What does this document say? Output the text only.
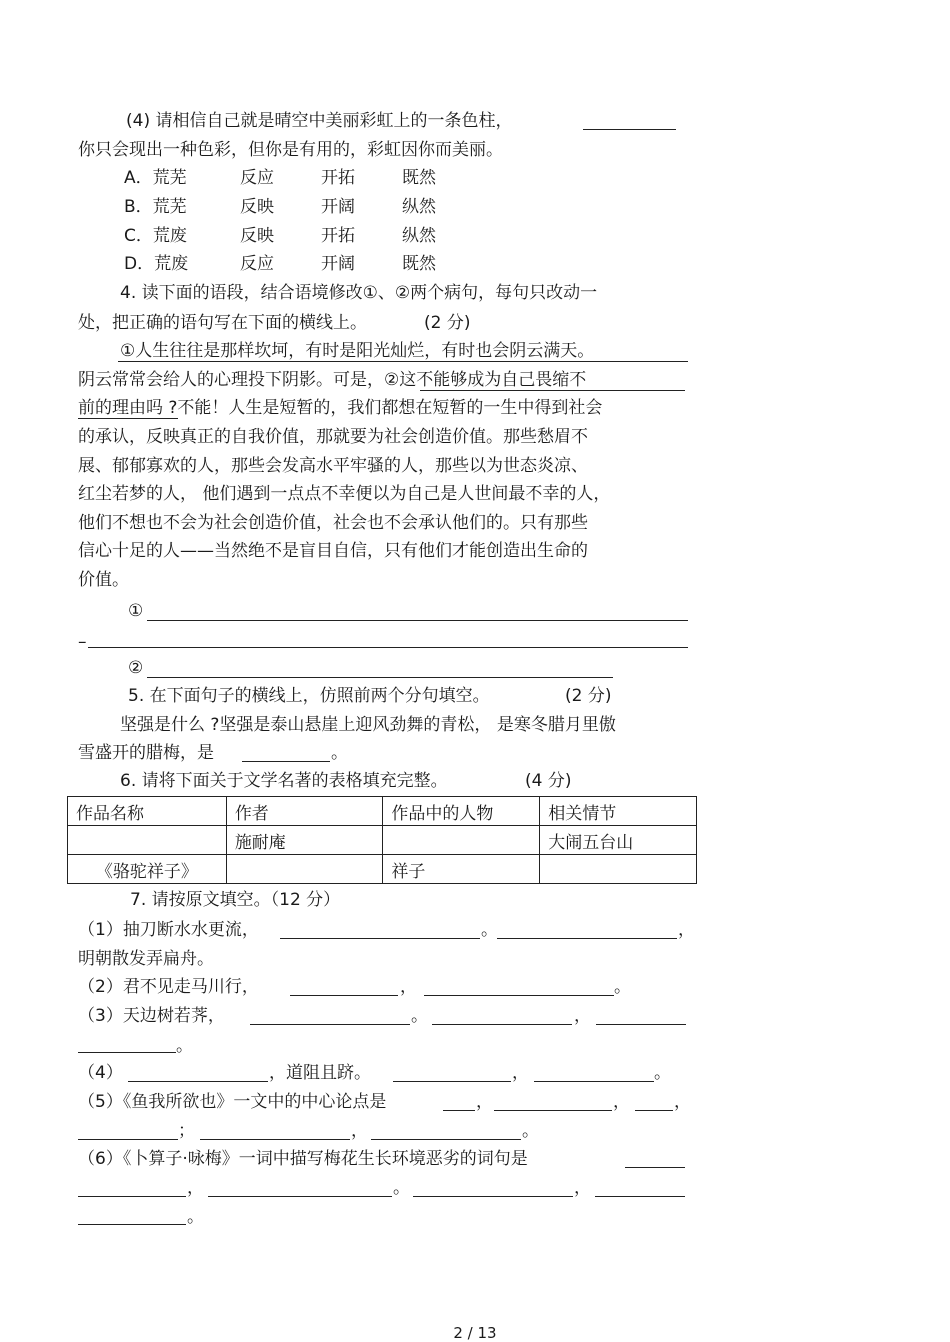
(4) 请相信自己就是晴空中美丽彩虹上的一条色柱，
你只会现出一种色彩，但你是有用的，彩虹因你而美丽。
A．荒芜	反应	开拓	既然
B．荒芜	反映	开阔	纵然
C．荒废	反映	开拓	纵然
D．荒废	反应	开阔	既然
4. 读下面的语段，结合语境修改①、②两个病句，每句只改动一
处，把正确的语句写在下面的横线上。	(2 分)
①人生往往是那样坎坷，有时是阳光灿烂，有时也会阴云满天。
阴云常常会给人的心理投下阴影。可是，②这不能够成为自己畏缩不
前的理由吗 ?不能！人生是短暂的，我们都想在短暂的一生中得到社会
的承认，反映真正的自我价值，那就要为社会创造价值。那些愁眉不
展、郁郁寡欢的人，那些会发高水平牢骚的人，那些以为世态炎凉、
红尘若梦的人， 他们遇到一点点不幸便以为自己是人世间最不幸的人，
他们不想也不会为社会创造价值，社会也不会承认他们的。只有那些
信心十足的人——当然绝不是盲目自信，只有他们才能创造出生命的
价值。
①
–
②
5. 在下面句子的横线上，仿照前两个分句填空。	(2 分)
坚强是什么 ?坚强是泰山悬崖上迎风劲舞的青松， 是寒冬腊月里傲
雪盛开的腊梅，是	。
6. 请将下面关于文学名著的表格填充完整。	(4 分)
作品名称	作者	作品中的人物	相关情节
	施耐庵		大闹五台山
《骆驼祥子》		祥子	
7. 请按原文填空。（12 分）
（1）抽刀断水水更流，	。	，
明朝散发弄扁舟。
（2）君不见走马川行，	，	。
（3）天边树若荠，	。	，
。
（4）	，道阻且跻。	，	。
（5）《鱼我所欲也》一文中的中心论点是	，	，	，
；	，	。
（6）《卜算子·咏梅》一词中描写梅花生长环境恶劣的词句是
，	。	，
。
2 / 13
